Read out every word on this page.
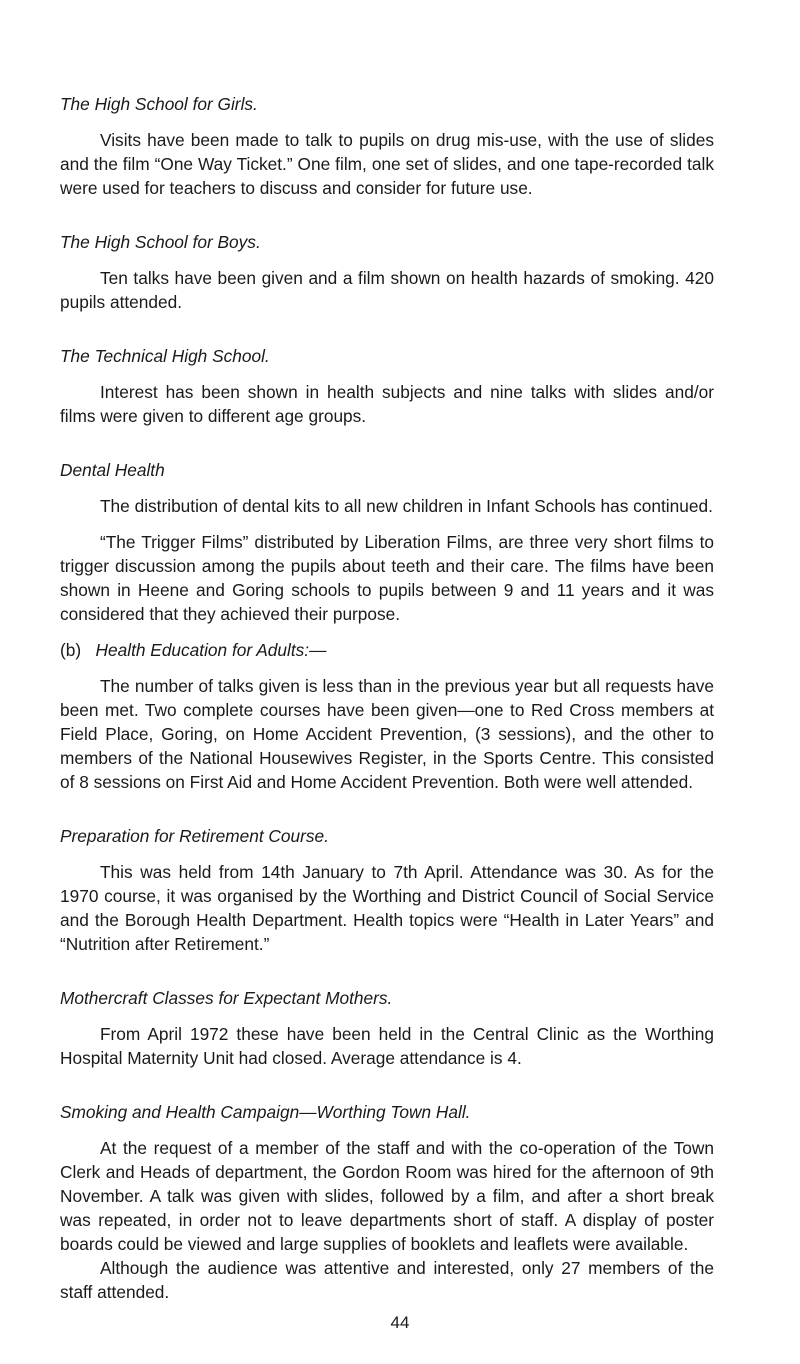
The High School for Girls.

Visits have been made to talk to pupils on drug mis-use, with the use of slides and the film “One Way Ticket.” One film, one set of slides, and one tape-recorded talk were used for teachers to discuss and consider for future use.

The High School for Boys.

Ten talks have been given and a film shown on health hazards of smoking. 420 pupils attended.

The Technical High School.

Interest has been shown in health subjects and nine talks with slides and/or films were given to different age groups.

Dental Health

The distribution of dental kits to all new children in Infant Schools has continued.

“The Trigger Films” distributed by Liberation Films, are three very short films to trigger discussion among the pupils about teeth and their care. The films have been shown in Heene and Goring schools to pupils between 9 and 11 years and it was considered that they achieved their purpose.

(b) Health Education for Adults:—

The number of talks given is less than in the previous year but all requests have been met. Two complete courses have been given—one to Red Cross members at Field Place, Goring, on Home Accident Prevention, (3 sessions), and the other to members of the National Housewives Register, in the Sports Centre. This consisted of 8 sessions on First Aid and Home Accident Prevention. Both were well attended.

Preparation for Retirement Course.

This was held from 14th January to 7th April. Attendance was 30. As for the 1970 course, it was organised by the Worthing and District Council of Social Service and the Borough Health Department. Health topics were “Health in Later Years” and “Nutrition after Retirement.”

Mothercraft Classes for Expectant Mothers.

From April 1972 these have been held in the Central Clinic as the Worthing Hospital Maternity Unit had closed. Average attendance is 4.

Smoking and Health Campaign—Worthing Town Hall.

At the request of a member of the staff and with the co-operation of the Town Clerk and Heads of department, the Gordon Room was hired for the afternoon of 9th November. A talk was given with slides, followed by a film, and after a short break was repeated, in order not to leave departments short of staff. A display of poster boards could be viewed and large supplies of booklets and leaflets were available.

Although the audience was attentive and interested, only 27 members of the staff attended.

44
